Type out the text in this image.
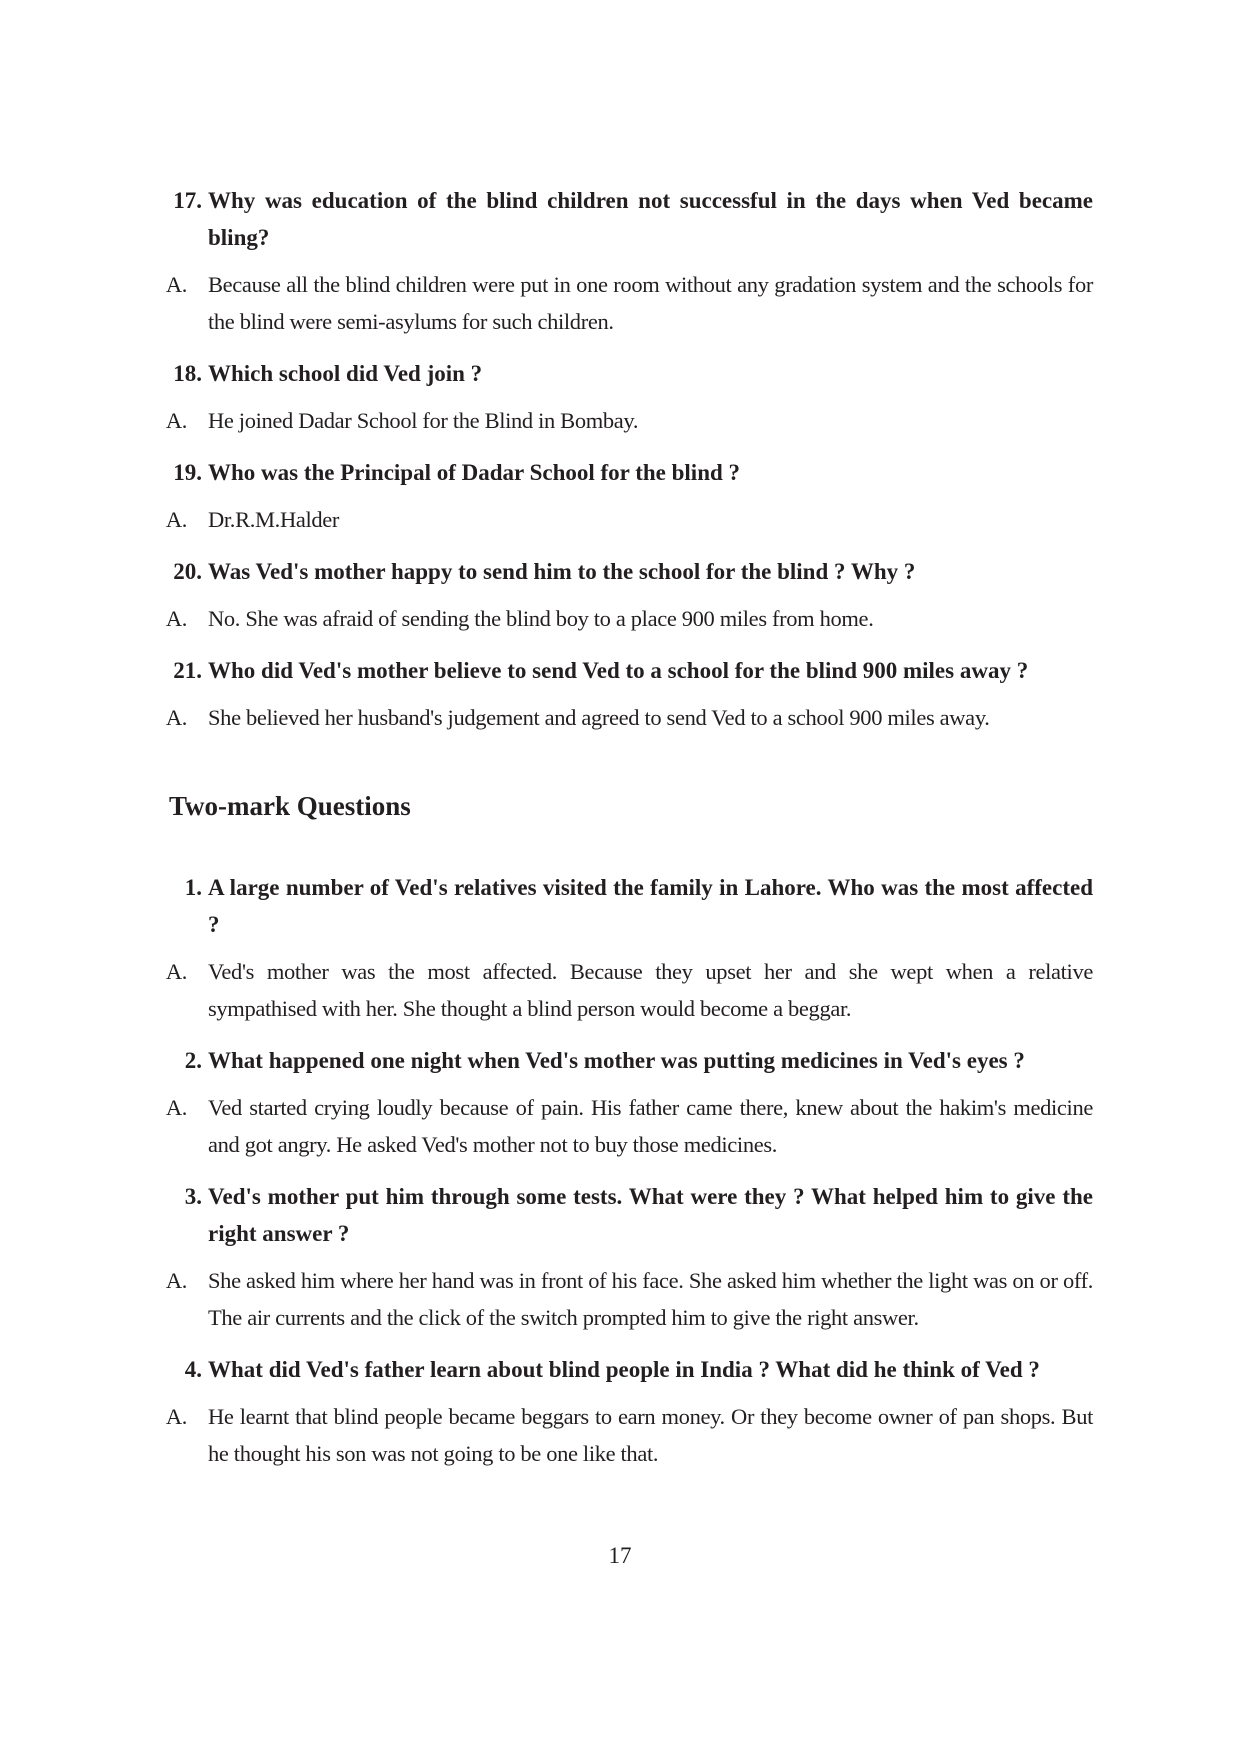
17. Why was education of the blind children not successful in the days when Ved became bling?
A. Because all the blind children were put in one room without any gradation system and the schools for the blind were semi-asylums for such children.
18. Which school did Ved join ?
A. He joined Dadar School for the Blind in Bombay.
19. Who was the Principal of Dadar School for the blind ?
A. Dr.R.M.Halder
20. Was Ved's mother happy to send him to the school for the blind ? Why ?
A. No. She was afraid of sending the blind boy to a place 900 miles from home.
21. Who did Ved's mother believe to send Ved to a school for the blind 900 miles away ?
A. She believed her husband's judgement and agreed to send Ved to a school 900 miles away.
Two-mark Questions
1. A large number of Ved's relatives visited the family in Lahore. Who was the most affected ?
A. Ved's mother was the most affected. Because they upset her and she wept when a relative sympathised with her. She thought a blind person would become a beggar.
2. What happened one night when Ved's mother was putting medicines in Ved's eyes ?
A. Ved started crying loudly because of pain. His father came there, knew about the hakim's medicine and got angry. He asked Ved's mother not to buy those medicines.
3. Ved's mother put him through some tests. What were they ? What helped him to give the right answer ?
A. She asked him where her hand was in front of his face. She asked him whether the light was on or off. The air currents and the click of the switch prompted him to give the right answer.
4. What did Ved's father learn about blind people in India ? What did he think of Ved ?
A. He learnt that blind people became beggars to earn money. Or they become owner of pan shops. But he thought his son was not going to be one like that.
17
